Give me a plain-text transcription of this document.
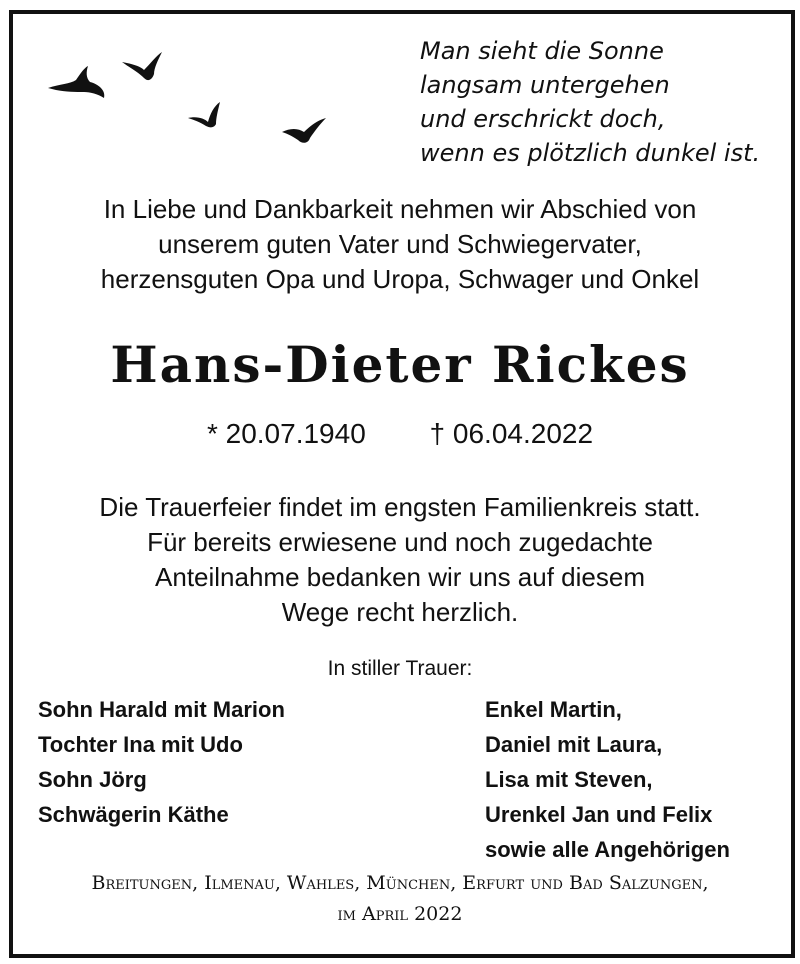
Man sieht die Sonne
langsam untergehen
und erschrickt doch,
wenn es plötzlich dunkel ist.
In Liebe und Dankbarkeit nehmen wir Abschied von
unserem guten Vater und Schwiegervater,
herzensguten Opa und Uropa, Schwager und Onkel
Hans-Dieter Rickes
* 20.07.1940 † 06.04.2022
Die Trauerfeier findet im engsten Familienkreis statt.
Für bereits erwiesene und noch zugedachte
Anteilnahme bedanken wir uns auf diesem
Wege recht herzlich.
In stiller Trauer:
Sohn Harald mit Marion
Tochter Ina mit Udo
Sohn Jörg
Schwägerin Käthe
Enkel Martin,
Daniel mit Laura,
Lisa mit Steven,
Urenkel Jan und Felix
sowie alle Angehörigen
Breitungen, Ilmenau, Wahles, München, Erfurt und Bad Salzungen,
im April 2022
